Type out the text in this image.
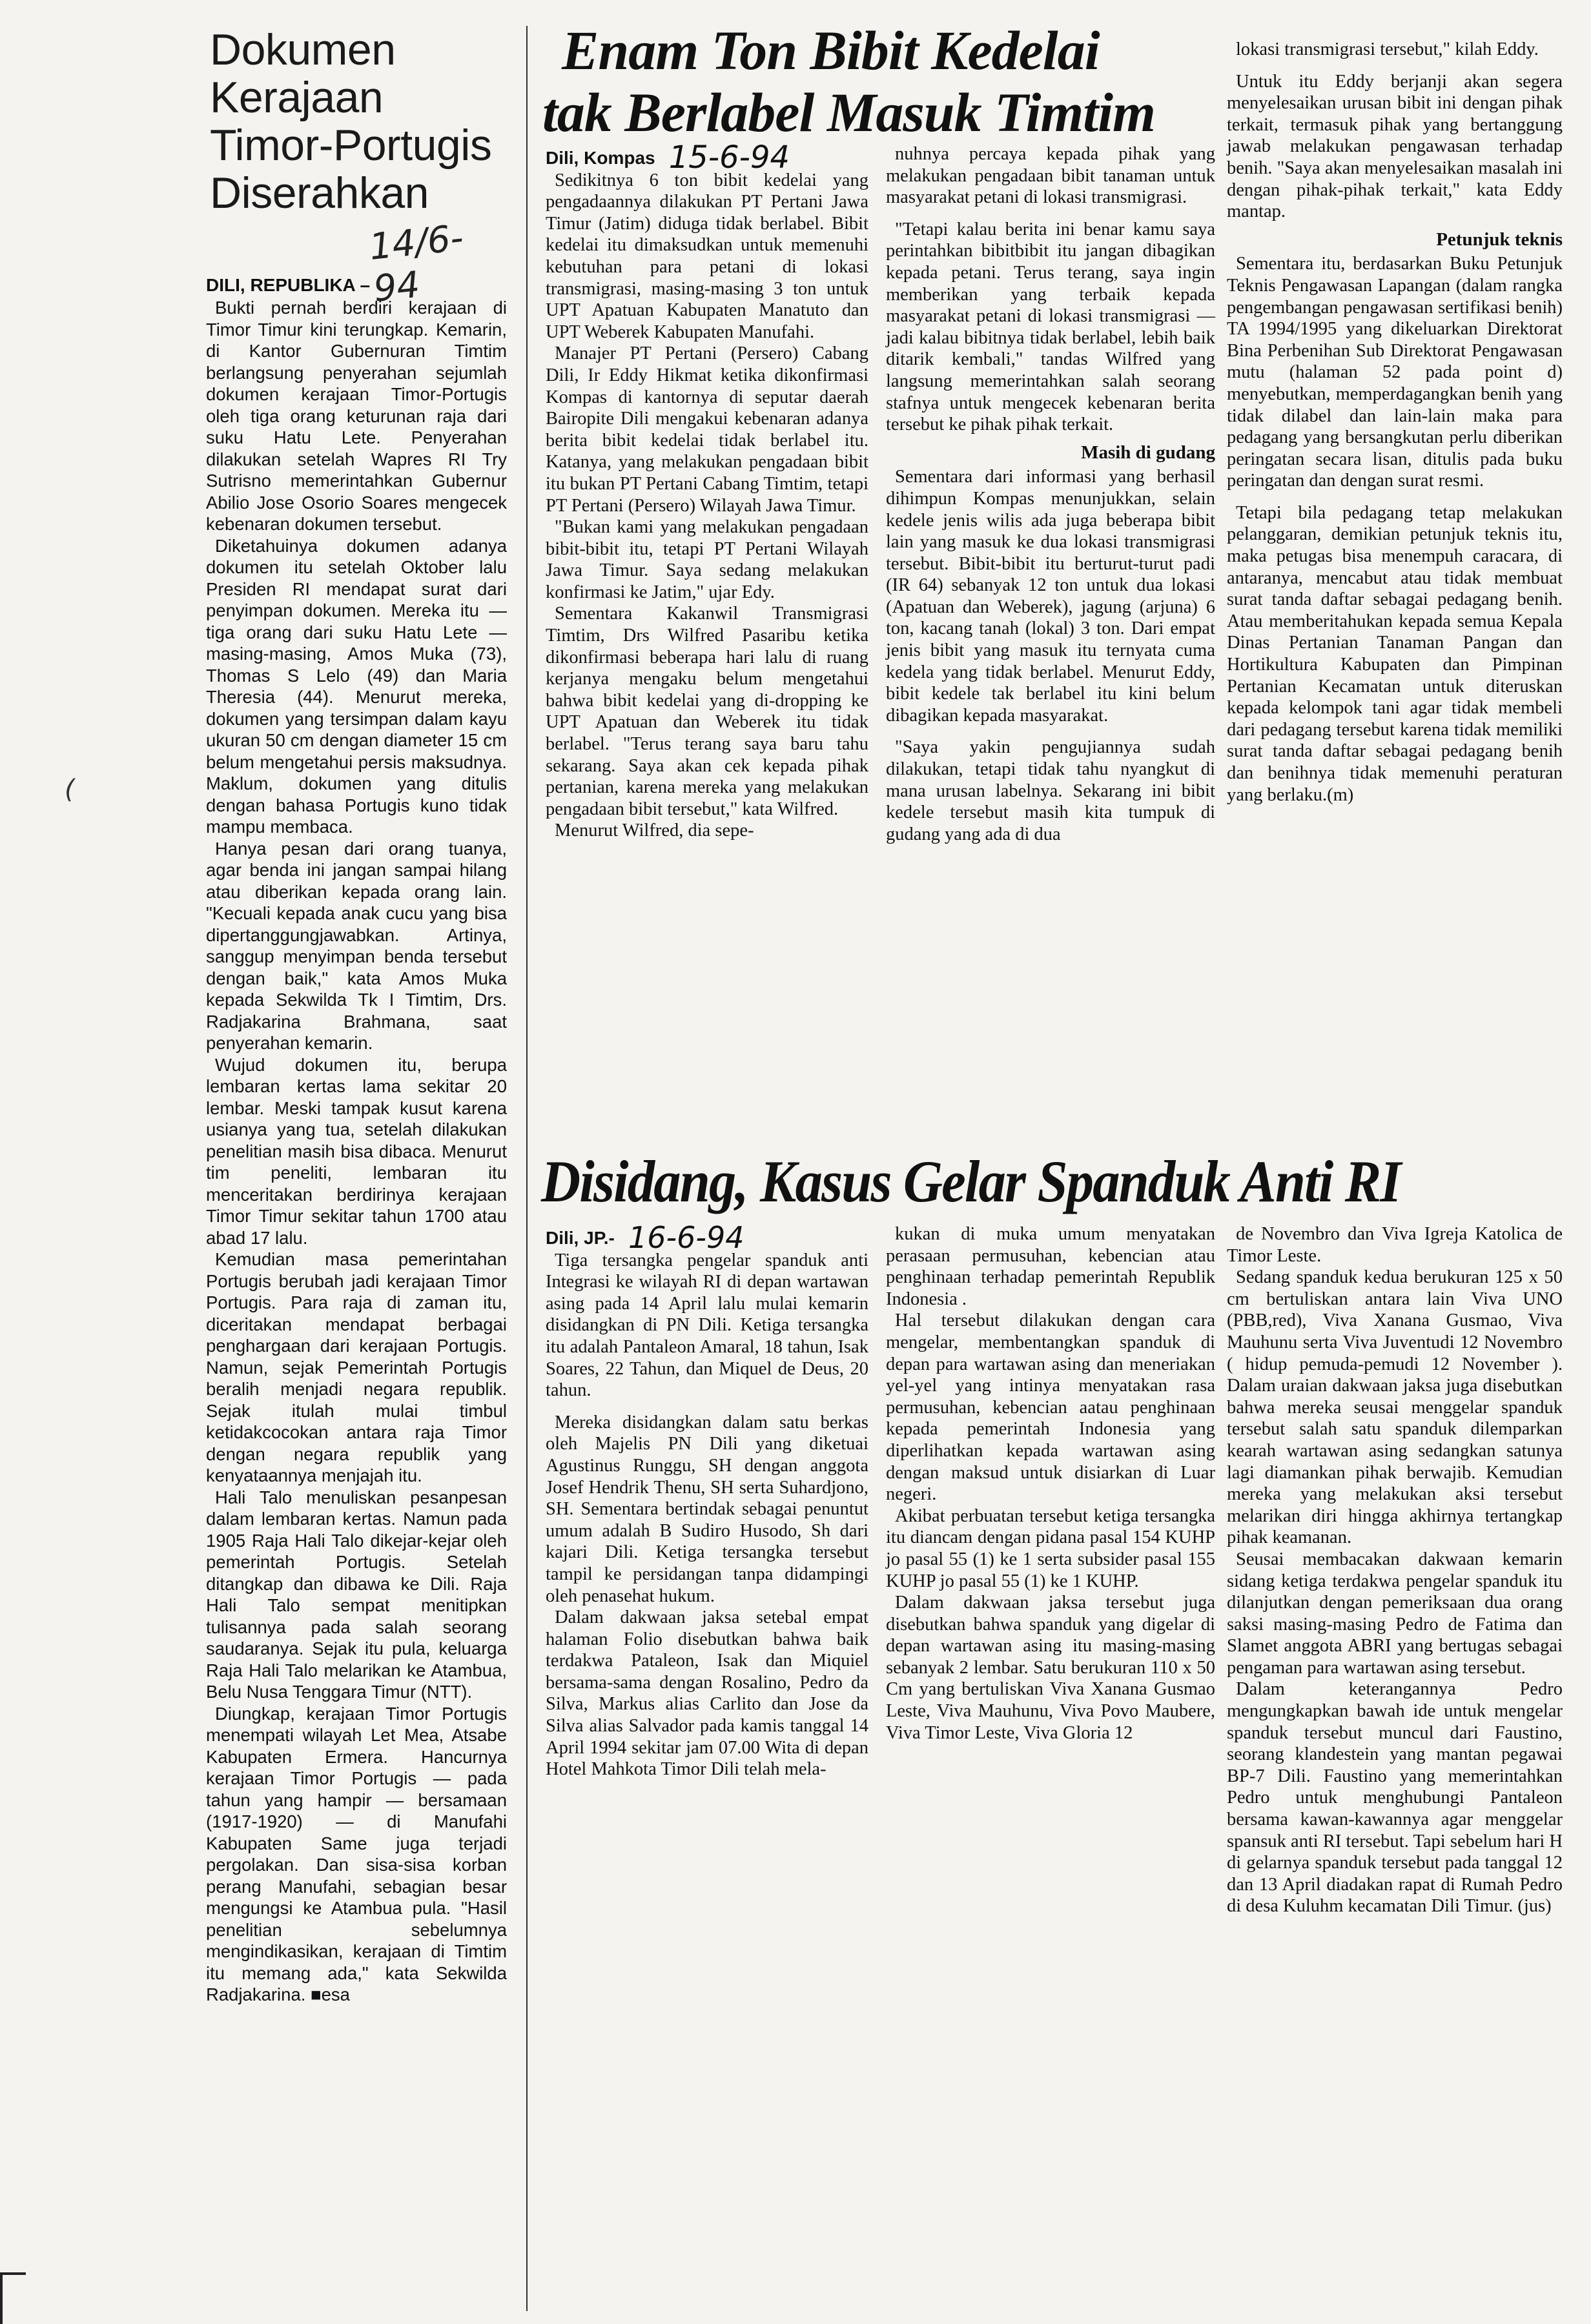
Dokumen
Kerajaan
Timor-Portugis
Diserahkan
14/6-94
DILI, REPUBLIKA –

Bukti pernah berdiri kerajaan di Timor Timur kini terungkap. Kemarin, di Kantor Gubernuran Timtim berlangsung penyerahan sejumlah dokumen kerajaan Timor-Portugis oleh tiga orang keturunan raja dari suku Hatu Lete. Penyerahan dilakukan setelah Wapres RI Try Sutrisno memerintahkan Gubernur Abilio Jose Osorio Soares mengecek kebenaran dokumen tersebut.

Diketahuinya dokumen adanya dokumen itu setelah Oktober lalu Presiden RI mendapat surat dari penyimpan dokumen. Mereka itu — tiga orang dari suku Hatu Lete — masing-masing, Amos Muka (73), Thomas S Lelo (49) dan Maria Theresia (44). Menurut mereka, dokumen yang tersimpan dalam kayu ukuran 50 cm dengan diameter 15 cm belum mengetahui persis maksudnya. Maklum, dokumen yang ditulis dengan bahasa Portugis kuno tidak mampu membaca.

Hanya pesan dari orang tuanya, agar benda ini jangan sampai hilang atau diberikan kepada orang lain. "Kecuali kepada anak cucu yang bisa dipertanggungjawabkan. Artinya, sanggup menyimpan benda tersebut dengan baik," kata Amos Muka kepada Sekwilda Tk I Timtim, Drs. Radjakarina Brahmana, saat penyerahan kemarin.

Wujud dokumen itu, berupa lembaran kertas lama sekitar 20 lembar. Meski tampak kusut karena usianya yang tua, setelah dilakukan penelitian masih bisa dibaca. Menurut tim peneliti, lembaran itu menceritakan berdirinya kerajaan Timor Timur sekitar tahun 1700 atau abad 17 lalu.

Kemudian masa pemerintahan Portugis berubah jadi kerajaan Timor Portugis. Para raja di zaman itu, diceritakan mendapat berbagai penghargaan dari kerajaan Portugis. Namun, sejak Pemerintah Portugis beralih menjadi negara republik. Sejak itulah mulai timbul ketidakcocokan antara raja Timor dengan negara republik yang kenyataannya menjajah itu.

Hali Talo menuliskan pesanpesan dalam lembaran kertas. Namun pada 1905 Raja Hali Talo dikejar-kejar oleh pemerintah Portugis. Setelah ditangkap dan dibawa ke Dili. Raja Hali Talo sempat menitipkan tulisannya pada salah seorang saudaranya. Sejak itu pula, keluarga Raja Hali Talo melarikan ke Atambua, Belu Nusa Tenggara Timur (NTT).

Diungkap, kerajaan Timor Portugis menempati wilayah Let Mea, Atsabe Kabupaten Ermera. Hancurnya kerajaan Timor Portugis — pada tahun yang hampir — bersamaan (1917-1920) — di Manufahi Kabupaten Same juga terjadi pergolakan. Dan sisa-sisa korban perang Manufahi, sebagian besar mengungsi ke Atambua pula. "Hasil penelitian sebelumnya mengindikasikan, kerajaan di Timtim itu memang ada," kata Sekwilda Radjakarina. ■esa

Enam Ton Bibit Kedelai
tak Berlabel Masuk Timtim
Dili, Kompas 15-6-94

Sedikitnya 6 ton bibit kedelai yang pengadaannya dilakukan PT Pertani Jawa Timur (Jatim) diduga tidak berlabel. Bibit kedelai itu dimaksudkan untuk memenuhi kebutuhan para petani di lokasi transmigrasi, masing-masing 3 ton untuk UPT Apatuan Kabupaten Manatuto dan UPT Weberek Kabupaten Manufahi.

Manajer PT Pertani (Persero) Cabang Dili, Ir Eddy Hikmat ketika dikonfirmasi Kompas di kantornya di seputar daerah Bairopite Dili mengakui kebenaran adanya berita bibit kedelai tidak berlabel itu. Katanya, yang melakukan pengadaan bibit itu bukan PT Pertani Cabang Timtim, tetapi PT Pertani (Persero) Wilayah Jawa Timur.

"Bukan kami yang melakukan pengadaan bibit-bibit itu, tetapi PT Pertani Wilayah Jawa Timur. Saya sedang melakukan konfirmasi ke Jatim," ujar Edy.

Sementara Kakanwil Transmigrasi Timtim, Drs Wilfred Pasaribu ketika dikonfirmasi beberapa hari lalu di ruang kerjanya mengaku belum mengetahui bahwa bibit kedelai yang di-dropping ke UPT Apatuan dan Weberek itu tidak berlabel. "Terus terang saya baru tahu sekarang. Saya akan cek kepada pihak pertanian, karena mereka yang melakukan pengadaan bibit tersebut," kata Wilfred.

Menurut Wilfred, dia sepe-

nuhnya percaya kepada pihak yang melakukan pengadaan bibit tanaman untuk masyarakat petani di lokasi transmigrasi.

"Tetapi kalau berita ini benar kamu saya perintahkan bibitbibit itu jangan dibagikan kepada petani. Terus terang, saya ingin memberikan yang terbaik kepada masyarakat petani di lokasi transmigrasi — jadi kalau bibitnya tidak berlabel, lebih baik ditarik kembali," tandas Wilfred yang langsung memerintahkan salah seorang stafnya untuk mengecek kebenaran berita tersebut ke pihak pihak terkait.

Masih di gudang

Sementara dari informasi yang berhasil dihimpun Kompas menunjukkan, selain kedele jenis wilis ada juga beberapa bibit lain yang masuk ke dua lokasi transmigrasi tersebut. Bibit-bibit itu berturut-turut padi (IR 64) sebanyak 12 ton untuk dua lokasi (Apatuan dan Weberek), jagung (arjuna) 6 ton, kacang tanah (lokal) 3 ton. Dari empat jenis bibit yang masuk itu ternyata cuma kedela yang tidak berlabel. Menurut Eddy, bibit kedele tak berlabel itu kini belum dibagikan kepada masyarakat.

"Saya yakin pengujiannya sudah dilakukan, tetapi tidak tahu nyangkut di mana urusan labelnya. Sekarang ini bibit kedele tersebut masih kita tumpuk di gudang yang ada di dua

lokasi transmigrasi tersebut," kilah Eddy.

Untuk itu Eddy berjanji akan segera menyelesaikan urusan bibit ini dengan pihak terkait, termasuk pihak yang bertanggung jawab melakukan pengawasan terhadap benih. "Saya akan menyelesaikan masalah ini dengan pihak-pihak terkait," kata Eddy mantap.

Petunjuk teknis

Sementara itu, berdasarkan Buku Petunjuk Teknis Pengawasan Lapangan (dalam rangka pengembangan pengawasan sertifikasi benih) TA 1994/1995 yang dikeluarkan Direktorat Bina Perbenihan Sub Direktorat Pengawasan mutu (halaman 52 pada point d) menyebutkan, memperdagangkan benih yang tidak dilabel dan lain-lain maka para pedagang yang bersangkutan perlu diberikan peringatan secara lisan, ditulis pada buku peringatan dan dengan surat resmi.

Tetapi bila pedagang tetap melakukan pelanggaran, demikian petunjuk teknis itu, maka petugas bisa menempuh caracara, di antaranya, mencabut atau tidak membuat surat tanda daftar sebagai pedagang benih. Atau memberitahukan kepada semua Kepala Dinas Pertanian Tanaman Pangan dan Hortikultura Kabupaten dan Pimpinan Pertanian Kecamatan untuk diteruskan kepada kelompok tani agar tidak membeli dari pedagang tersebut karena tidak memiliki surat tanda daftar sebagai pedagang benih dan benihnya tidak memenuhi peraturan yang berlaku.(m)

Disidang, Kasus Gelar Spanduk Anti RI
Dili, JP.- 16-6-94

Tiga tersangka pengelar spanduk anti Integrasi ke wilayah RI di depan wartawan asing pada 14 April lalu mulai kemarin disidangkan di PN Dili. Ketiga tersangka itu adalah Pantaleon Amaral, 18 tahun, Isak Soares, 22 Tahun, dan Miquel de Deus, 20 tahun.

Mereka disidangkan dalam satu berkas oleh Majelis PN Dili yang diketuai Agustinus Runggu, SH dengan anggota Josef Hendrik Thenu, SH serta Suhardjono, SH. Sementara bertindak sebagai penuntut umum adalah B Sudiro Husodo, Sh dari kajari Dili. Ketiga tersangka tersebut tampil ke persidangan tanpa didampingi oleh penasehat hukum.

Dalam dakwaan jaksa setebal empat halaman Folio disebutkan bahwa baik terdakwa Pataleon, Isak dan Miquiel bersama-sama dengan Rosalino, Pedro da Silva, Markus alias Carlito dan Jose da Silva alias Salvador pada kamis tanggal 14 April 1994 sekitar jam 07.00 Wita di depan Hotel Mahkota Timor Dili telah mela-

kukan di muka umum menyatakan perasaan permusuhan, kebencian atau penghinaan terhadap pemerintah Republik Indonesia .

Hal tersebut dilakukan dengan cara mengelar, membentangkan spanduk di depan para wartawan asing dan meneriakan yel-yel yang intinya menyatakan rasa permusuhan, kebencian aatau penghinaan kepada pemerintah Indonesia yang diperlihatkan kepada wartawan asing dengan maksud untuk disiarkan di Luar negeri.

Akibat perbuatan tersebut ketiga tersangka itu diancam dengan pidana pasal 154 KUHP jo pasal 55 (1) ke 1 serta subsider pasal 155 KUHP jo pasal 55 (1) ke 1 KUHP.

Dalam dakwaan jaksa tersebut juga disebutkan bahwa spanduk yang digelar di depan wartawan asing itu masing-masing sebanyak 2 lembar. Satu berukuran 110 x 50 Cm yang bertuliskan Viva Xanana Gusmao Leste, Viva Mauhunu, Viva Povo Maubere, Viva Timor Leste, Viva Gloria 12

de Novembro dan Viva Igreja Katolica de Timor Leste.

Sedang spanduk kedua berukuran 125 x 50 cm bertuliskan antara lain Viva UNO (PBB,red), Viva Xanana Gusmao, Viva Mauhunu serta Viva Juventudi 12 Novembro ( hidup pemuda-pemudi 12 November ). Dalam uraian dakwaan jaksa juga disebutkan bahwa mereka seusai menggelar spanduk tersebut salah satu spanduk dilemparkan kearah wartawan asing sedangkan satunya lagi diamankan pihak berwajib. Kemudian mereka yang melakukan aksi tersebut melarikan diri hingga akhirnya tertangkap pihak keamanan.

Seusai membacakan dakwaan kemarin sidang ketiga terdakwa pengelar spanduk itu dilanjutkan dengan pemeriksaan dua orang saksi masing-masing Pedro de Fatima dan Slamet anggota ABRI yang bertugas sebagai pengaman para wartawan asing tersebut.

Dalam keterangannya Pedro mengungkapkan bawah ide untuk mengelar spanduk tersebut muncul dari Faustino, seorang klandestein yang mantan pegawai BP-7 Dili. Faustino yang memerintahkan Pedro untuk menghubungi Pantaleon bersama kawan-kawannya agar menggelar spansuk anti RI tersebut. Tapi sebelum hari H di gelarnya spanduk tersebut pada tanggal 12 dan 13 April diadakan rapat di Rumah Pedro di desa Kuluhm kecamatan Dili Timur. (jus)

(
